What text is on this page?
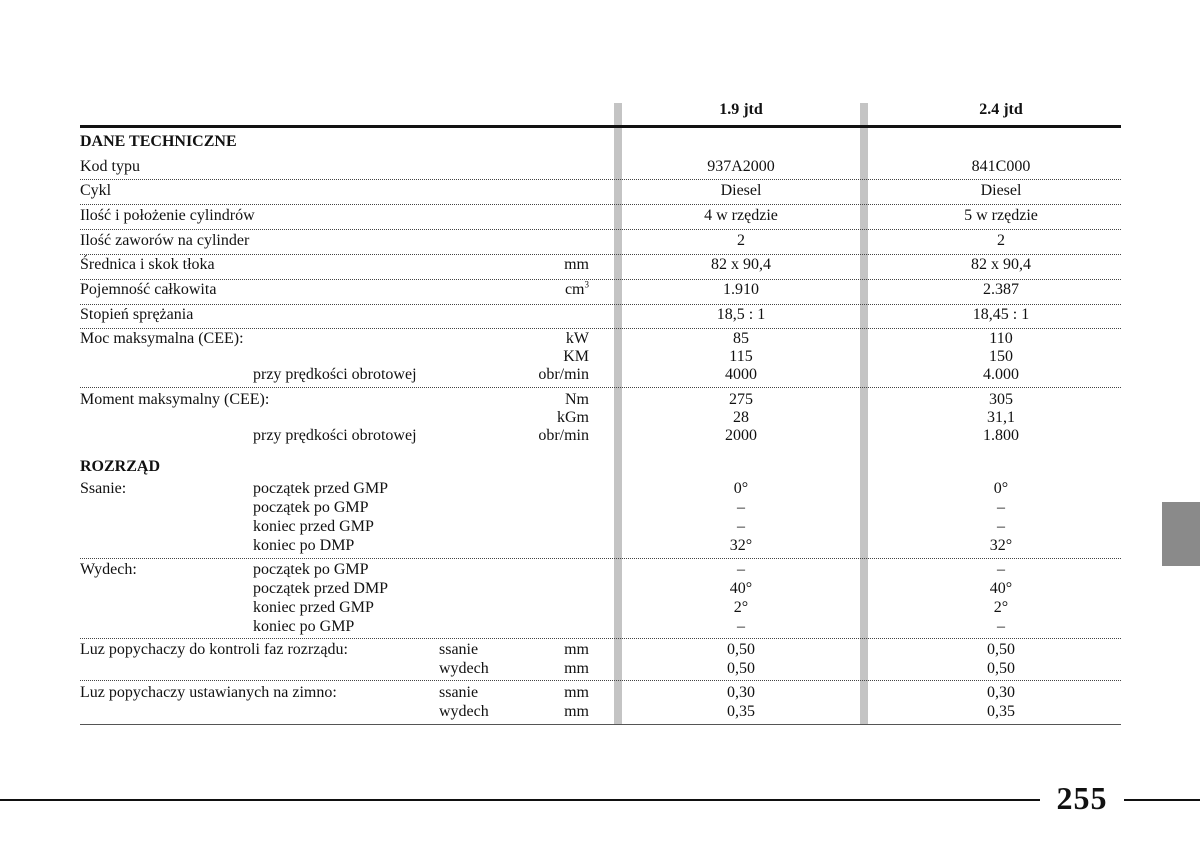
1.9 jtd	2.4 jtd
DANE TECHNICZNE
Kod typu	937A2000	841C000
Cykl	Diesel	Diesel
Ilość i położenie cylindrów	4 w rzędzie	5 w rzędzie
Ilość zaworów na cylinder	2	2
Średnica i skok tłoka	mm	82 x 90,4	82 x 90,4
Pojemność całkowita	$cm^3$	1.910	2.387
Stopień sprężania	18,5 : 1	18,45 : 1
Moc maksymalna (CEE):	kW	85	110
KM	115	150
przy prędkości obrotowej	obr/min	4000	4.000
Moment maksymalny (CEE):	Nm	275	305
kGm	28	31,1
przy prędkości obrotowej	obr/min	2000	1.800
ROZRZĄD
Ssanie:	początek przed GMP	0°	0°
początek po GMP	–	–
koniec przed GMP	–	–
koniec po DMP	32°	32°
Wydech:	początek po GMP	–	–
początek przed DMP	40°	40°
koniec przed GMP	2°	2°
koniec po GMP	–	–
Luz popychaczy do kontroli faz rozrządu:	ssanie	mm	0,50	0,50
wydech	mm	0,50	0,50
Luz popychaczy ustawianych na zimno:	ssanie	mm	0,30	0,30
wydech	mm	0,35	0,35
255
